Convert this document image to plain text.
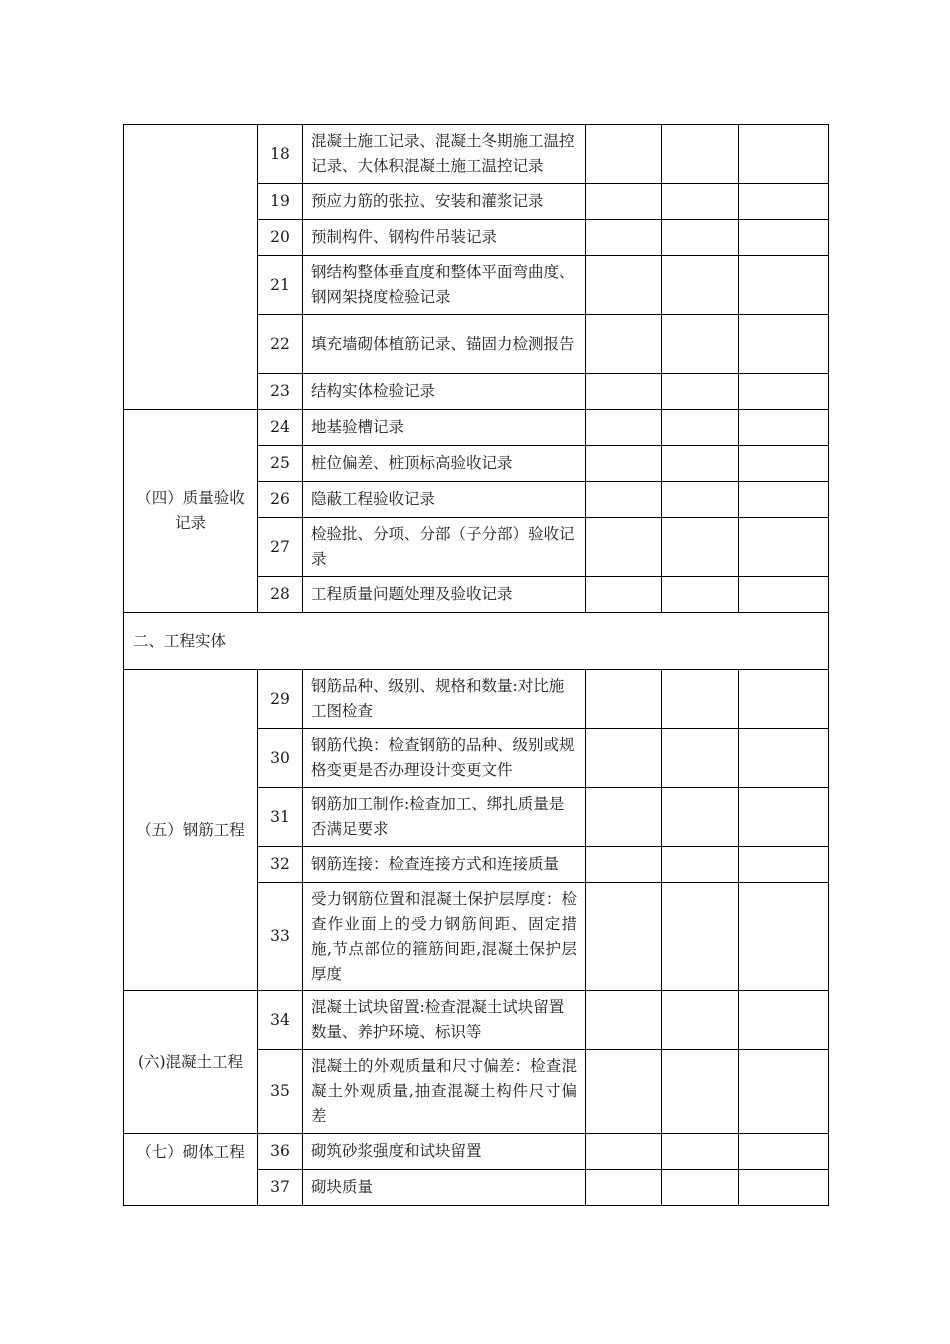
	18	混凝土施工记录、混凝土冬期施工温控记录、大体积混凝土施工温控记录			

	19	预应力筋的张拉、安装和灌浆记录			

	20	预制构件、钢构件吊装记录			

	21	钢结构整体垂直度和整体平面弯曲度、钢网架挠度检验记录			

	22	填充墙砌体植筋记录、锚固力检测报告			

	23	结构实体检验记录			

（四）质量验收记录	24	地基验槽记录			

	25	桩位偏差、桩顶标高验收记录			

	26	隐蔽工程验收记录			

	27	检验批、分项、分部（子分部）验收记录			

	28	工程质量问题处理及验收记录			

二、工程实体					
（五）钢筋工程	29	钢筋品种、级别、规格和数量:对比施工图检查			

	30	钢筋代换：检查钢筋的品种、级别或规格变更是否办理设计变更文件			

	31	钢筋加工制作:检查加工、绑扎质量是否满足要求			

	32	钢筋连接：检查连接方式和连接质量			

	33	受力钢筋位置和混凝土保护层厚度：检查作业面上的受力钢筋间距、固定措施,节点部位的箍筋间距,混凝土保护层厚度			

(六)混凝土工程	34	混凝土试块留置:检查混凝土试块留置数量、养护环境、标识等			

	35	混凝土的外观质量和尺寸偏差：检查混凝土外观质量,抽查混凝土构件尺寸偏差			

（七）砌体工程	36	砌筑砂浆强度和试块留置			

	37	砌块质量			
